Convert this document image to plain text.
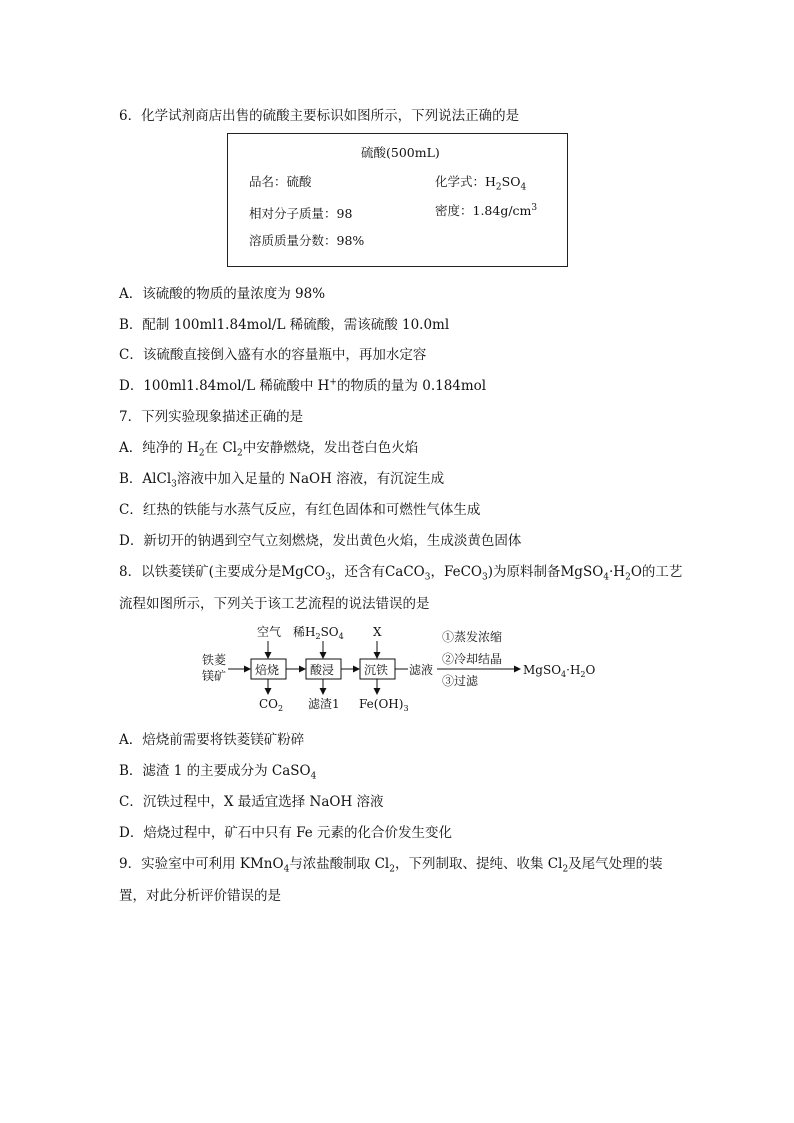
6．化学试剂商店出售的硫酸主要标识如图所示，下列说法正确的是
硫酸(500mL)
品名：硫酸	化学式：$H_2SO_4$
相对分子质量：98	密度：$1.84g/cm^3$
溶质质量分数：98%
A．该硫酸的物质的量浓度为 98%
B．配制 100ml1.84mol/L 稀硫酸，需该硫酸 10.0ml
C．该硫酸直接倒入盛有水的容量瓶中，再加水定容
D．100ml1.84mol/L 稀硫酸中 H+的物质的量为 0.184mol
7．下列实验现象描述正确的是
A．纯净的 $H_2$在 $Cl_2$中安静燃烧，发出苍白色火焰
B．AlCl$_3$溶液中加入足量的 NaOH 溶液，有沉淀生成
C．红热的铁能与水蒸气反应，有红色固体和可燃性气体生成
D．新切开的钠遇到空气立刻燃烧，发出黄色火焰，生成淡黄色固体
8．以铁菱镁矿(主要成分是MgCO$_3$，还含有CaCO$_3$，FeCO$_3$)为原料制备$MgSO_4\cdot H_2O$的工艺
流程如图所示，下列关于该工艺流程的说法错误的是
铁菱
镁矿 焙烧	酸浸 沉铁 滤液
①蒸发浓缩
②冷却结晶
③过滤
$MgSO_4\cdot H_2O$
空气 稀$H_2SO_4$ X
$CO_2$ 滤渣1 $Fe(OH)_3$
A．焙烧前需要将铁菱镁矿粉碎
B．滤渣 1 的主要成分为 CaSO$_4$
C．沉铁过程中，X 最适宜选择 NaOH 溶液
D．焙烧过程中，矿石中只有 Fe 元素的化合价发生变化
9．实验室中可利用 KMnO$_4$与浓盐酸制取 $Cl_2$，下列制取、提纯、收集 $Cl_2$及尾气处理的装
置，对此分析评价错误的是
